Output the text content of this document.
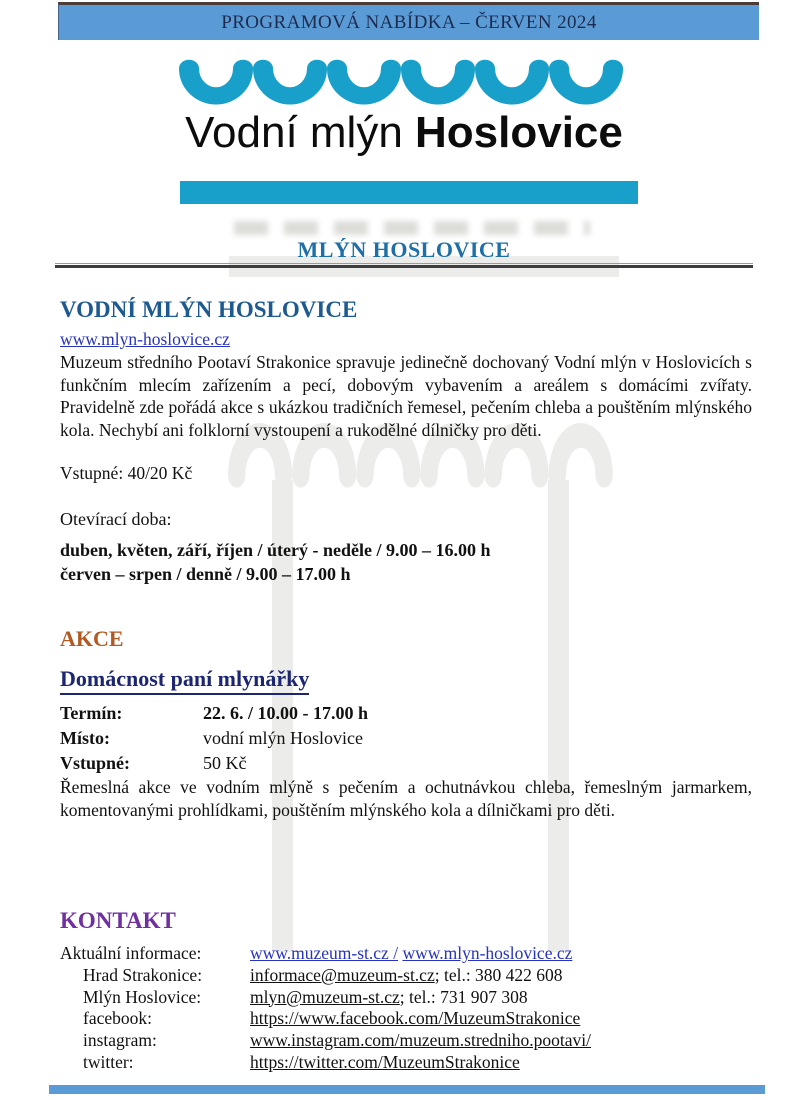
PROGRAMOVÁ NABÍDKA – ČERVEN 2024
Vodní mlýn Hoslovice
MLÝN HOSLOVICE
VODNÍ MLÝN HOSLOVICE
www.mlyn-hoslovice.cz

Muzeum středního Pootaví Strakonice spravuje jedinečně dochovaný Vodní mlýn v Hoslovicích s funkčním mlecím zařízením a pecí, dobovým vybavením a areálem s domácími zvířaty. Pravidelně zde pořádá akce s ukázkou tradičních řemesel, pečením chleba a pouštěním mlýnského kola. Nechybí ani folklorní vystoupení a rukodělné dílničky pro děti.

Vstupné: 40/20 Kč

Otevírací doba:

duben, květen, září, říjen / úterý - neděle / 9.00 – 16.00 h

červen – srpen / denně / 9.00 – 17.00 h

AKCE
Domácnost paní mlynářky
Termín:	22. 6. / 10.00 - 17.00 h
Místo:	vodní mlýn Hoslovice
Vstupné:	50 Kč

Řemeslná akce ve vodním mlýně s pečením a ochutnávkou chleba, řemeslným jarmarkem, komentovanými prohlídkami, pouštěním mlýnského kola a dílničkami pro děti.

KONTAKT
Aktuální informace:	www.muzeum-st.cz / www.mlyn-hoslovice.cz
Hrad Strakonice:	informace@muzeum-st.cz; tel.: 380 422 608
Mlýn Hoslovice:	mlyn@muzeum-st.cz; tel.: 731 907 308
facebook:	https://www.facebook.com/MuzeumStrakonice
instagram:	www.instagram.com/muzeum.stredniho.pootavi/
twitter:	https://twitter.com/MuzeumStrakonice
